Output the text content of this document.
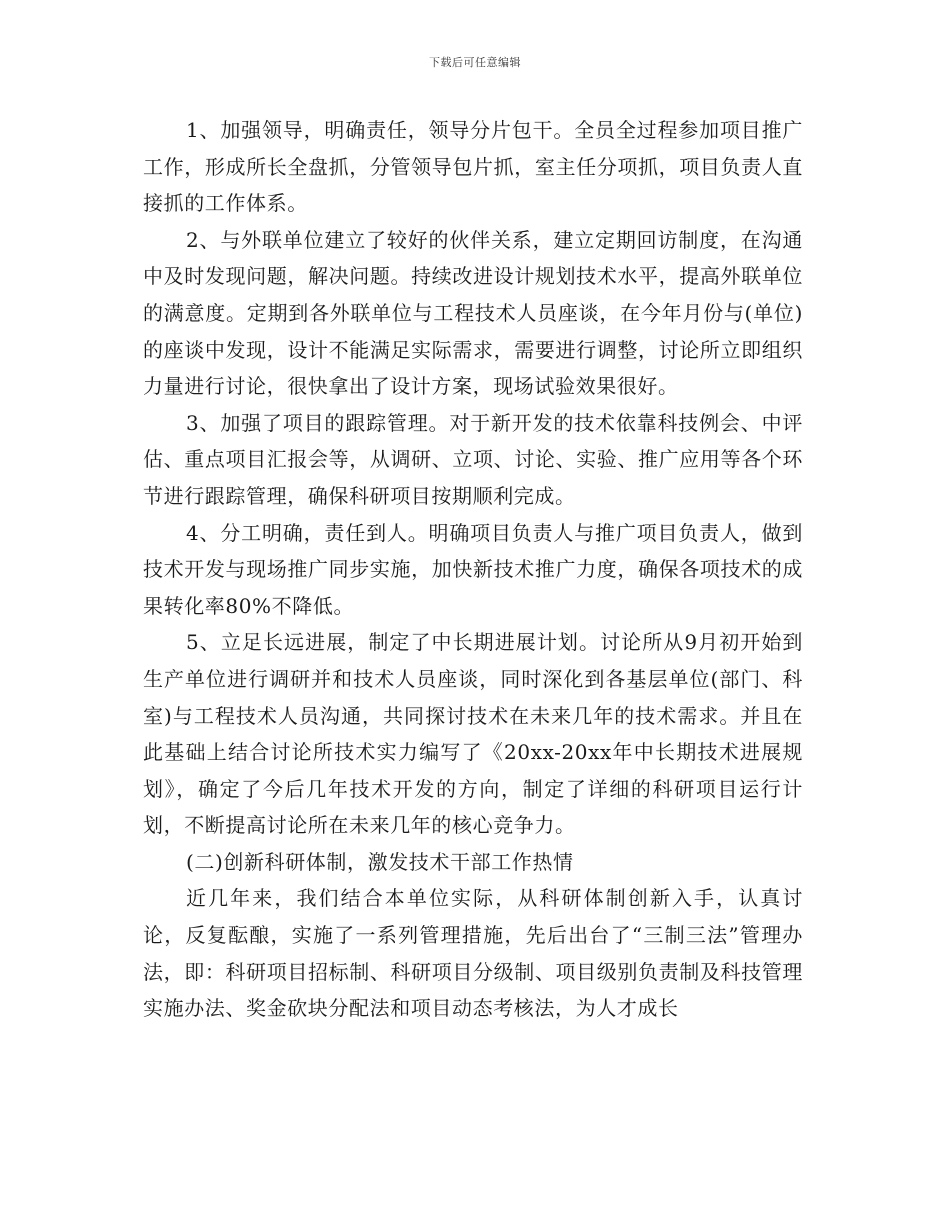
下载后可任意编辑

1、加强领导，明确责任，领导分片包干。全员全过程参加项目推广工作，形成所长全盘抓，分管领导包片抓，室主任分项抓，项目负责人直接抓的工作体系。

2、与外联单位建立了较好的伙伴关系，建立定期回访制度，在沟通中及时发现问题，解决问题。持续改进设计规划技术水平，提高外联单位的满意度。定期到各外联单位与工程技术人员座谈，在今年月份与(单位)的座谈中发现，设计不能满足实际需求，需要进行调整，讨论所立即组织力量进行讨论，很快拿出了设计方案，现场试验效果很好。

3、加强了项目的跟踪管理。对于新开发的技术依靠科技例会、中评估、重点项目汇报会等，从调研、立项、讨论、实验、推广应用等各个环节进行跟踪管理，确保科研项目按期顺利完成。

4、分工明确，责任到人。明确项目负责人与推广项目负责人，做到技术开发与现场推广同步实施，加快新技术推广力度，确保各项技术的成果转化率80%不降低。

5、立足长远进展，制定了中长期进展计划。讨论所从9月初开始到生产单位进行调研并和技术人员座谈，同时深化到各基层单位(部门、科室)与工程技术人员沟通，共同探讨技术在未来几年的技术需求。并且在此基础上结合讨论所技术实力编写了《20xx-20xx年中长期技术进展规划》，确定了今后几年技术开发的方向，制定了详细的科研项目运行计划，不断提高讨论所在未来几年的核心竞争力。

(二)创新科研体制，激发技术干部工作热情

近几年来，我们结合本单位实际，从科研体制创新入手，认真讨论，反复酝酿，实施了一系列管理措施，先后出台了“三制三法”管理办法，即：科研项目招标制、科研项目分级制、项目级别负责制及科技管理实施办法、奖金砍块分配法和项目动态考核法，为人才成长
